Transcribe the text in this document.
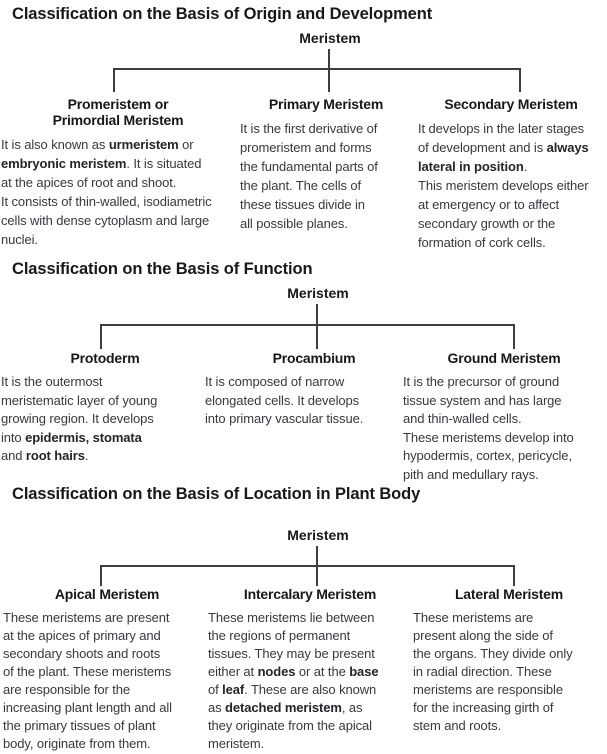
Classification on the Basis of Origin and Development
Meristem
Promeristem or
Primordial Meristem
It is also known as urmeristem or
embryonic meristem. It is situated
at the apices of root and shoot.
It consists of thin-walled, isodiametric
cells with dense cytoplasm and large
nuclei.
Primary Meristem
It is the first derivative of
promeristem and forms
the fundamental parts of
the plant. The cells of
these tissues divide in
all possible planes.
Secondary Meristem
It develops in the later stages
of development and is always
lateral in position.
This meristem develops either
at emergency or to affect
secondary growth or the
formation of cork cells.
Classification on the Basis of Function
Meristem
Protoderm
It is the outermost
meristematic layer of young
growing region. It develops
into epidermis, stomata
and root hairs.
Procambium
It is composed of narrow
elongated cells. It develops
into primary vascular tissue.
Ground Meristem
It is the precursor of ground
tissue system and has large
and thin-walled cells.
These meristems develop into
hypodermis, cortex, pericycle,
pith and medullary rays.
Classification on the Basis of Location in Plant Body
Meristem
Apical Meristem
These meristems are present
at the apices of primary and
secondary shoots and roots
of the plant. These meristems
are responsible for the
increasing plant length and all
the primary tissues of plant
body, originate from them.
Intercalary Meristem
These meristems lie between
the regions of permanent
tissues. They may be present
either at nodes or at the base
of leaf. These are also known
as detached meristem, as
they originate from the apical
meristem.
Lateral Meristem
These meristems are
present along the side of
the organs. They divide only
in radial direction. These
meristems are responsible
for the increasing girth of
stem and roots.
